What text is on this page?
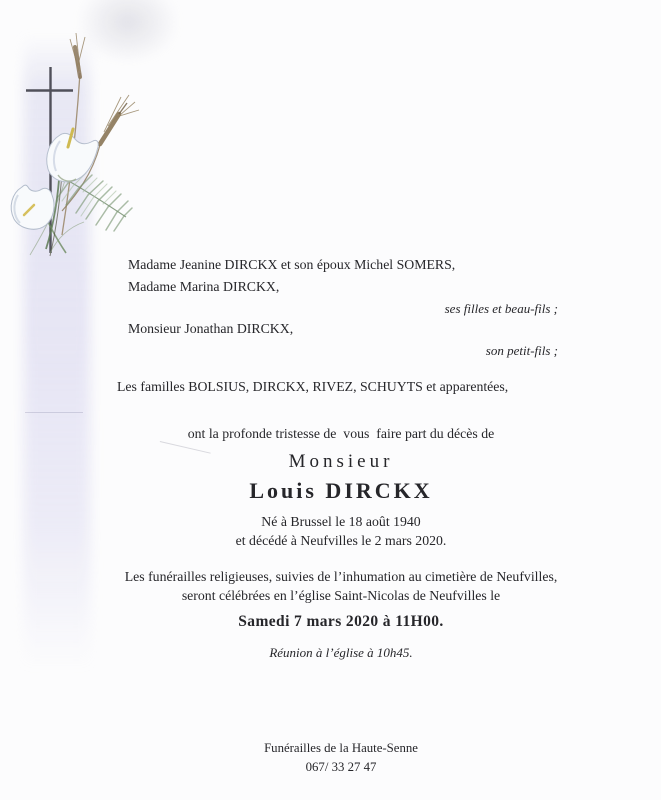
Madame Jeanine DIRCKX et son époux Michel SOMERS,
Madame Marina DIRCKX,
ses filles et beau-fils ;
Monsieur Jonathan DIRCKX,
son petit-fils ;
Les familles BOLSIUS, DIRCKX, RIVEZ, SCHUYTS et apparentées,
ont la profonde tristesse de  vous  faire part du décès de
Monsieur
Louis DIRCKX
Né à Brussel le 18 août 1940
et décédé à Neufvilles le 2 mars 2020.
Les funérailles religieuses, suivies de l’inhumation au cimetière de Neufvilles,
seront célébrées en l’église Saint-Nicolas de Neufvilles le
Samedi 7 mars 2020 à 11H00.
Réunion à l’église à 10h45.
Funérailles de la Haute-Senne
067/ 33 27 47
